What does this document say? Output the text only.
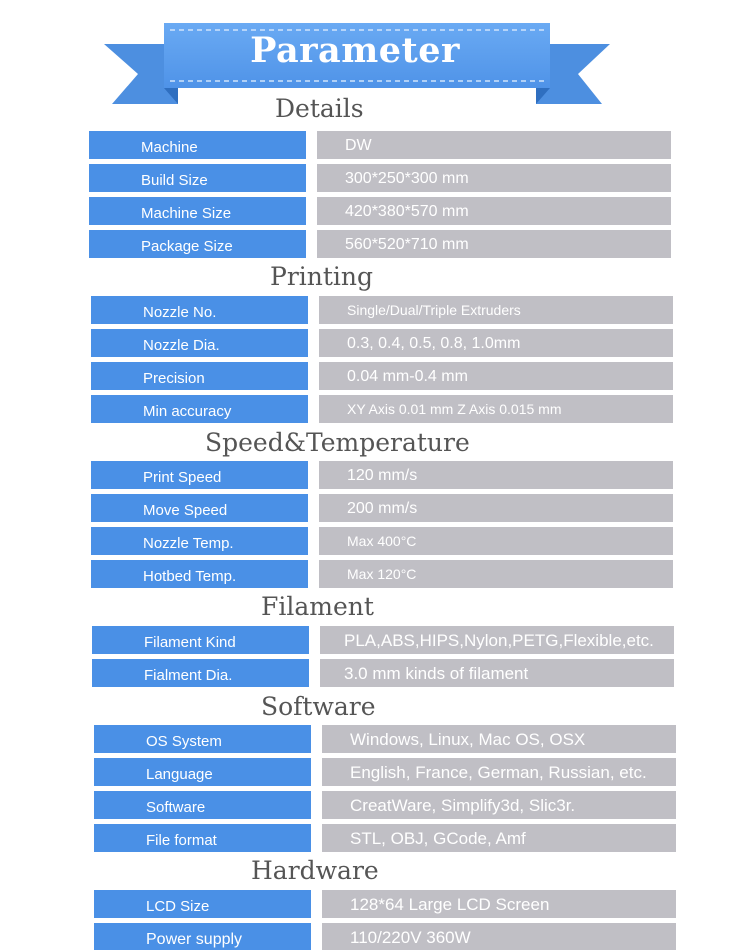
Parameter
Details
Machine	DW
Build Size	300*250*300 mm
Machine Size	420*380*570 mm
Package Size	560*520*710 mm
Printing
Nozzle No.	Single/Dual/Triple Extruders
Nozzle Dia.	0.3, 0.4, 0.5, 0.8, 1.0mm
Precision	0.04 mm-0.4 mm
Min accuracy	XY Axis 0.01 mm Z Axis 0.015 mm
Speed&Temperature
Print Speed	120 mm/s
Move Speed	200 mm/s
Nozzle Temp.	Max 400°C
Hotbed Temp.	Max 120°C
Filament
Filament Kind	PLA,ABS,HIPS,Nylon,PETG,Flexible,etc.
Fialment Dia.	3.0 mm kinds of filament
Software
OS System	Windows, Linux, Mac OS, OSX
Language	English, France, German, Russian, etc.
Software	CreatWare, Simplify3d, Slic3r.
File format	STL, OBJ, GCode, Amf
Hardware
LCD Size	128*64 Large LCD Screen
Power supply	110/220V 360W
